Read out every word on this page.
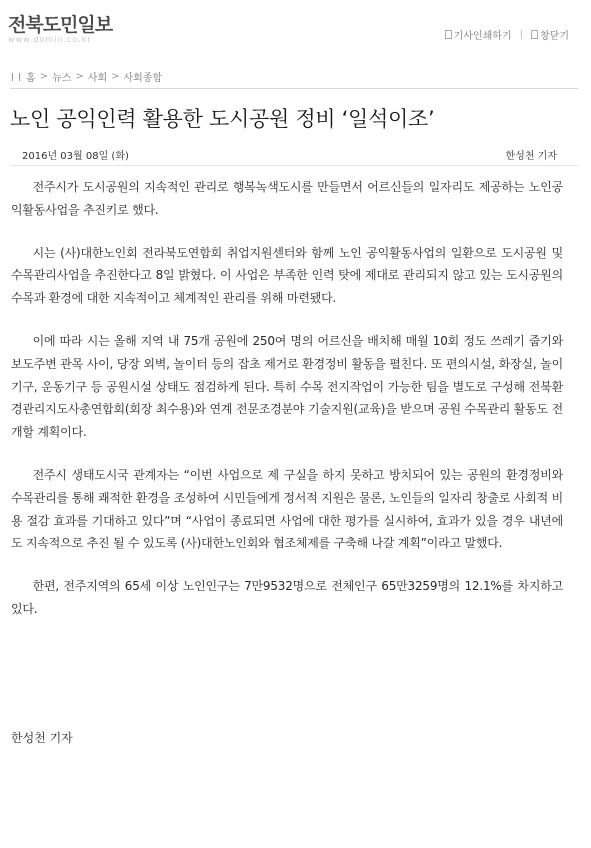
전북도민일보
www.domin.co.kr	기사인쇄하기 | 창닫기
홈 > 뉴스 > 사회 > 사회종합
노인 공익인력 활용한 도시공원 정비 ‘일석이조’
2016년 03월 08일 (화)	한성천 기자

전주시가 도시공원의 지속적인 관리로 행복녹색도시를 만들면서 어르신들의 일자리도 제공하는 노인공익활동사업을 추진키로 했다.

시는 (사)대한노인회 전라북도연합회 취업지원센터와 함께 노인 공익활동사업의 일환으로 도시공원 및 수목관리사업을 추진한다고 8일 밝혔다. 이 사업은 부족한 인력 탓에 제대로 관리되지 않고 있는 도시공원의 수목과 환경에 대한 지속적이고 체계적인 관리를 위해 마련됐다.

이에 따라 시는 올해 지역 내 75개 공원에 250여 명의 어르신을 배치해 매월 10회 정도 쓰레기 줍기와 보도주변 관목 사이, 당장 외벽, 놀이터 등의 잡초 제거로 환경정비 활동을 펼친다. 또 편의시설, 화장실, 놀이기구, 운동기구 등 공원시설 상태도 점검하게 된다. 특히 수목 전지작업이 가능한 팀을 별도로 구성해 전북환경관리지도사총연합회(회장 최수용)와 연계 전문조경분야 기술지원(교육)을 받으며 공원 수목관리 활동도 전개할 계획이다.

전주시 생태도시국 관계자는 “이번 사업으로 제 구실을 하지 못하고 방치되어 있는 공원의 환경정비와 수목관리를 통해 쾌적한 환경을 조성하여 시민들에게 정서적 지원은 물론, 노인들의 일자리 창출로 사회적 비용 절감 효과를 기대하고 있다”며 “사업이 종료되면 사업에 대한 평가를 실시하여, 효과가 있을 경우 내년에도 지속적으로 추진 될 수 있도록 (사)대한노인회와 협조체제를 구축해 나갈 계획”이라고 말했다.

한편, 전주지역의 65세 이상 노인인구는 7만9532명으로 전체인구 65만3259명의 12.1%를 차지하고 있다.

한성천 기자
